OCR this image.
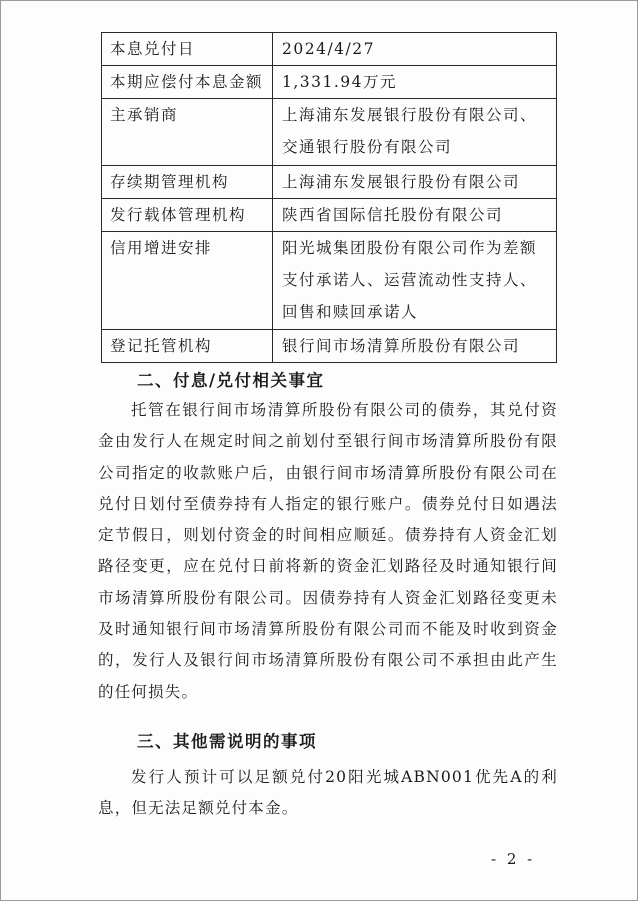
本息兑付日	2024/4/27
本期应偿付本息金额	1,331.94万元
主承销商	上海浦东发展银行股份有限公司、交通银行股份有限公司
存续期管理机构	上海浦东发展银行股份有限公司
发行载体管理机构	陕西省国际信托股份有限公司
信用增进安排	阳光城集团股份有限公司作为差额支付承诺人、运营流动性支持人、回售和赎回承诺人
登记托管机构	银行间市场清算所股份有限公司
二、付息/兑付相关事宜
托管在银行间市场清算所股份有限公司的债券，其兑付资金由发行人在规定时间之前划付至银行间市场清算所股份有限公司指定的收款账户后，由银行间市场清算所股份有限公司在兑付日划付至债券持有人指定的银行账户。债券兑付日如遇法定节假日，则划付资金的时间相应顺延。债券持有人资金汇划路径变更，应在兑付日前将新的资金汇划路径及时通知银行间市场清算所股份有限公司。因债券持有人资金汇划路径变更未及时通知银行间市场清算所股份有限公司而不能及时收到资金的，发行人及银行间市场清算所股份有限公司不承担由此产生的任何损失。
三、其他需说明的事项
发行人预计可以足额兑付20阳光城ABN001优先A的利息，但无法足额兑付本金。
- 2 -
